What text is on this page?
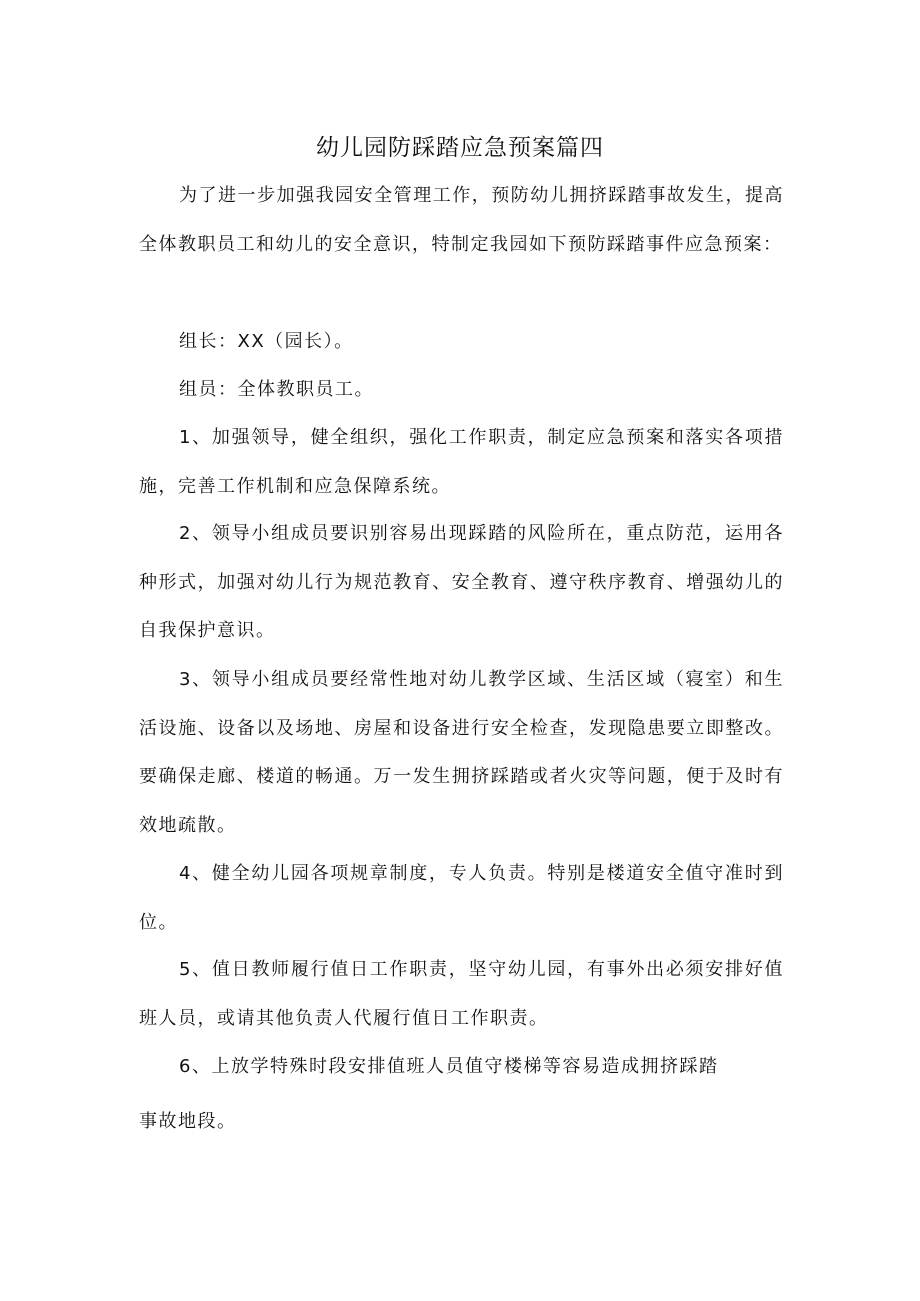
幼儿园防踩踏应急预案篇四

为了进一步加强我园安全管理工作，预防幼儿拥挤踩踏事故发生，提高全体教职员工和幼儿的安全意识，特制定我园如下预防踩踏事件应急预案：

组长：XX（园长）。

组员：全体教职员工。

1、加强领导，健全组织，强化工作职责，制定应急预案和落实各项措施，完善工作机制和应急保障系统。

2、领导小组成员要识别容易出现踩踏的风险所在，重点防范，运用各种形式，加强对幼儿行为规范教育、安全教育、遵守秩序教育、增强幼儿的自我保护意识。

3、领导小组成员要经常性地对幼儿教学区域、生活区域（寝室）和生活设施、设备以及场地、房屋和设备进行安全检查，发现隐患要立即整改。要确保走廊、楼道的畅通。万一发生拥挤踩踏或者火灾等问题，便于及时有效地疏散。

4、健全幼儿园各项规章制度，专人负责。特别是楼道安全值守准时到位。

5、值日教师履行值日工作职责，坚守幼儿园，有事外出必须安排好值班人员，或请其他负责人代履行值日工作职责。

6、上放学特殊时段安排值班人员值守楼梯等容易造成拥挤踩踏

事故地段。
